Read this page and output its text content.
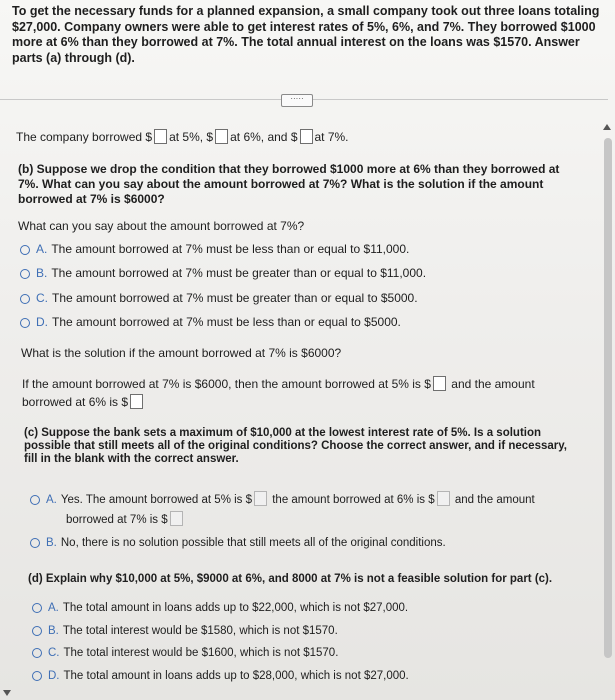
To get the necessary funds for a planned expansion, a small company took out three loans totaling $27,000. Company owners were able to get interest rates of 5%, 6%, and 7%. They borrowed $1000 more at 6% than they borrowed at 7%. The total annual interest on the loans was $1570. Answer parts (a) through (d).
·····
The company borrowed $ at 5%, $ at 6%, and $ at 7%.
(b) Suppose we drop the condition that they borrowed $1000 more at 6% than they borrowed at 7%. What can you say about the amount borrowed at 7%? What is the solution if the amount borrowed at 7% is $6000?
What can you say about the amount borrowed at 7%?
A. The amount borrowed at 7% must be less than or equal to $11,000.
B. The amount borrowed at 7% must be greater than or equal to $11,000.
C. The amount borrowed at 7% must be greater than or equal to $5000.
D. The amount borrowed at 7% must be less than or equal to $5000.
What is the solution if the amount borrowed at 7% is $6000?
If the amount borrowed at 7% is $6000, then the amount borrowed at 5% is $ and the amount
borrowed at 6% is $
(c) Suppose the bank sets a maximum of $10,000 at the lowest interest rate of 5%. Is a solution possible that still meets all of the original conditions? Choose the correct answer, and if necessary, fill in the blank with the correct answer.
A. Yes. The amount borrowed at 5% is $ the amount borrowed at 6% is $ and the amount
borrowed at 7% is $
B. No, there is no solution possible that still meets all of the original conditions.
(d) Explain why $10,000 at 5%, $9000 at 6%, and 8000 at 7% is not a feasible solution for part (c).
A. The total amount in loans adds up to $22,000, which is not $27,000.
B. The total interest would be $1580, which is not $1570.
C. The total interest would be $1600, which is not $1570.
D. The total amount in loans adds up to $28,000, which is not $27,000.
